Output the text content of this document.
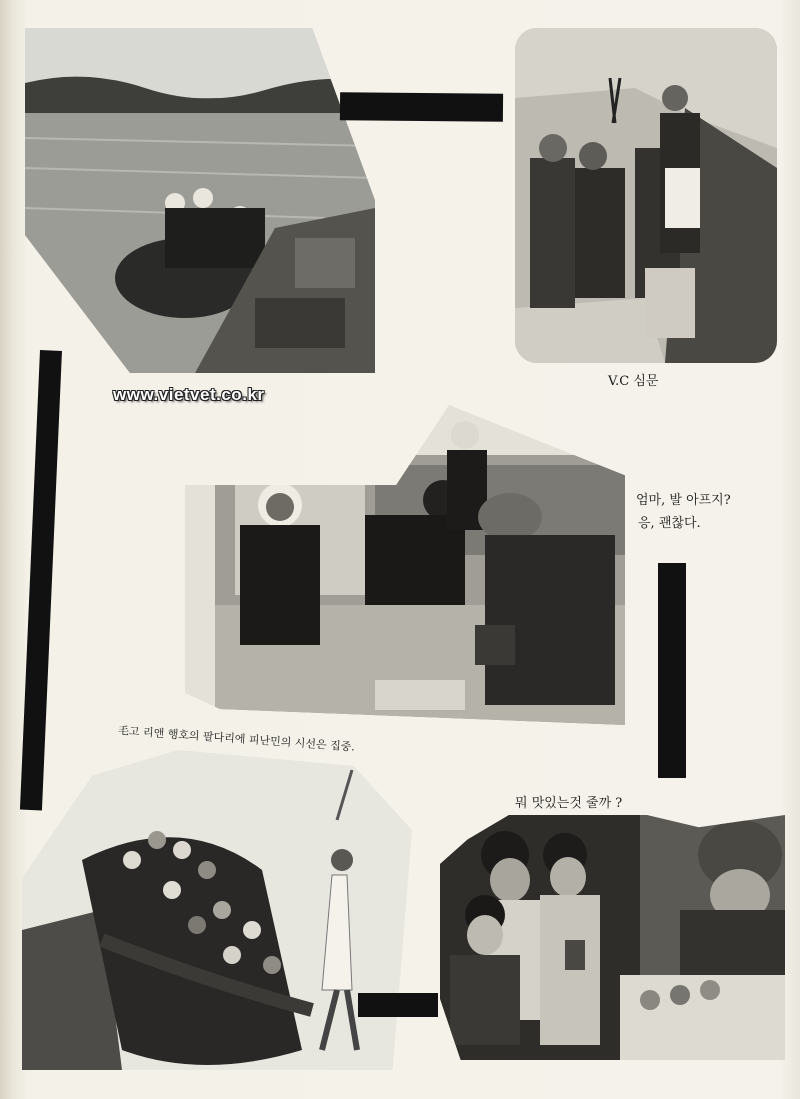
V.C 심문
www.vietvet.co.kr
엄마, 발 아프지?
응, 괜찮다.
毛고 리앤 행호의 팔다리에 피난민의 시선은 집중.
뭐 맛있는것 줄까 ?
